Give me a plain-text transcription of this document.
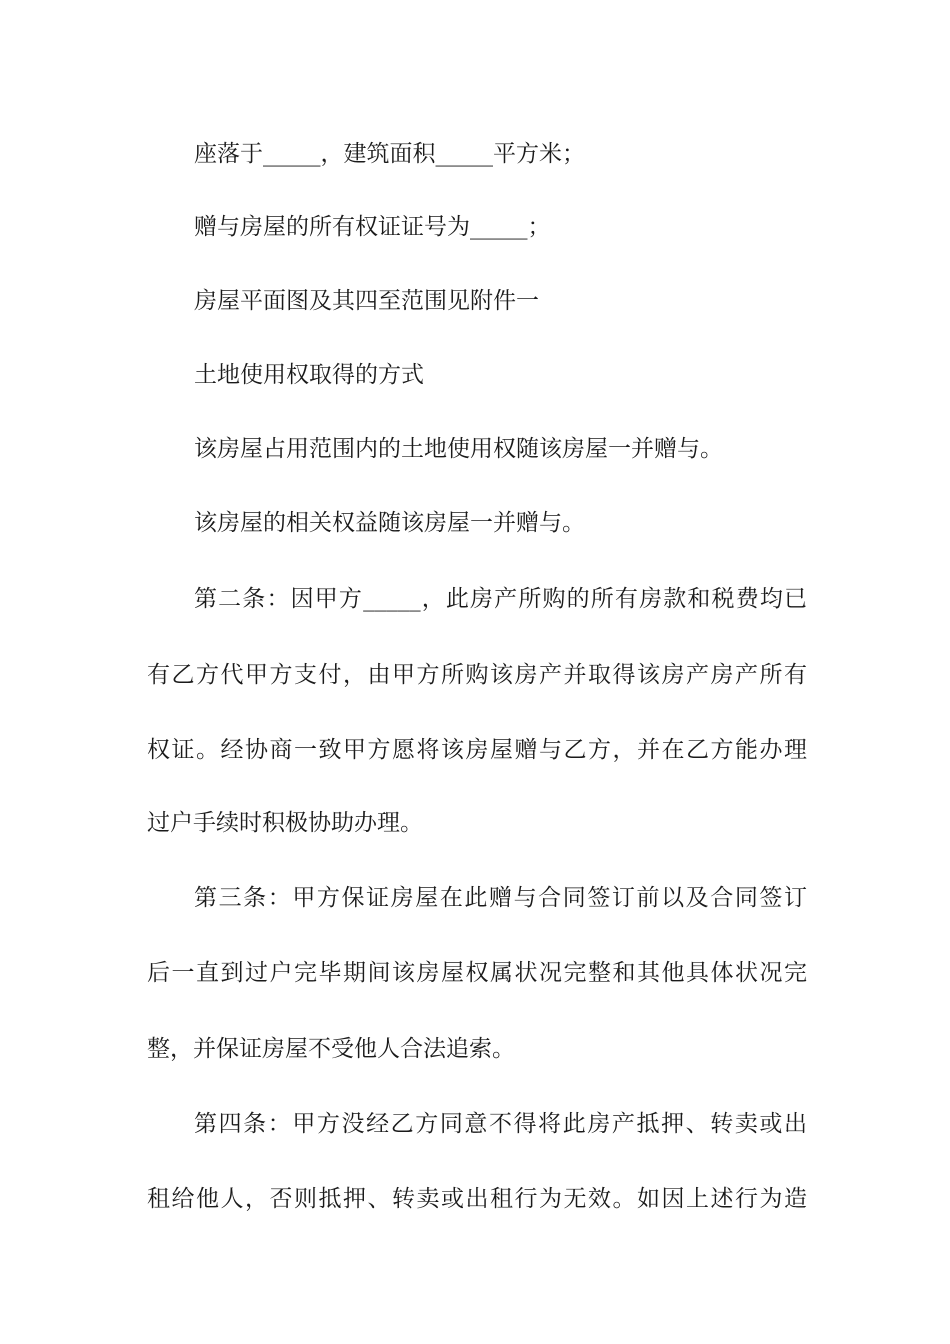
座落于_____，建筑面积_____平方米；
赠与房屋的所有权证证号为_____；
房屋平面图及其四至范围见附件一
土地使用权取得的方式
该房屋占用范围内的土地使用权随该房屋一并赠与。
该房屋的相关权益随该房屋一并赠与。
第二条：因甲方_____，此房产所购的所有房款和税费均已
有乙方代甲方支付，由甲方所购该房产并取得该房产房产所有
权证。经协商一致甲方愿将该房屋赠与乙方，并在乙方能办理
过户手续时积极协助办理。
第三条：甲方保证房屋在此赠与合同签订前以及合同签订
后一直到过户完毕期间该房屋权属状况完整和其他具体状况完
整，并保证房屋不受他人合法追索。
第四条：甲方没经乙方同意不得将此房产抵押、转卖或出
租给他人，否则抵押、转卖或出租行为无效。如因上述行为造
